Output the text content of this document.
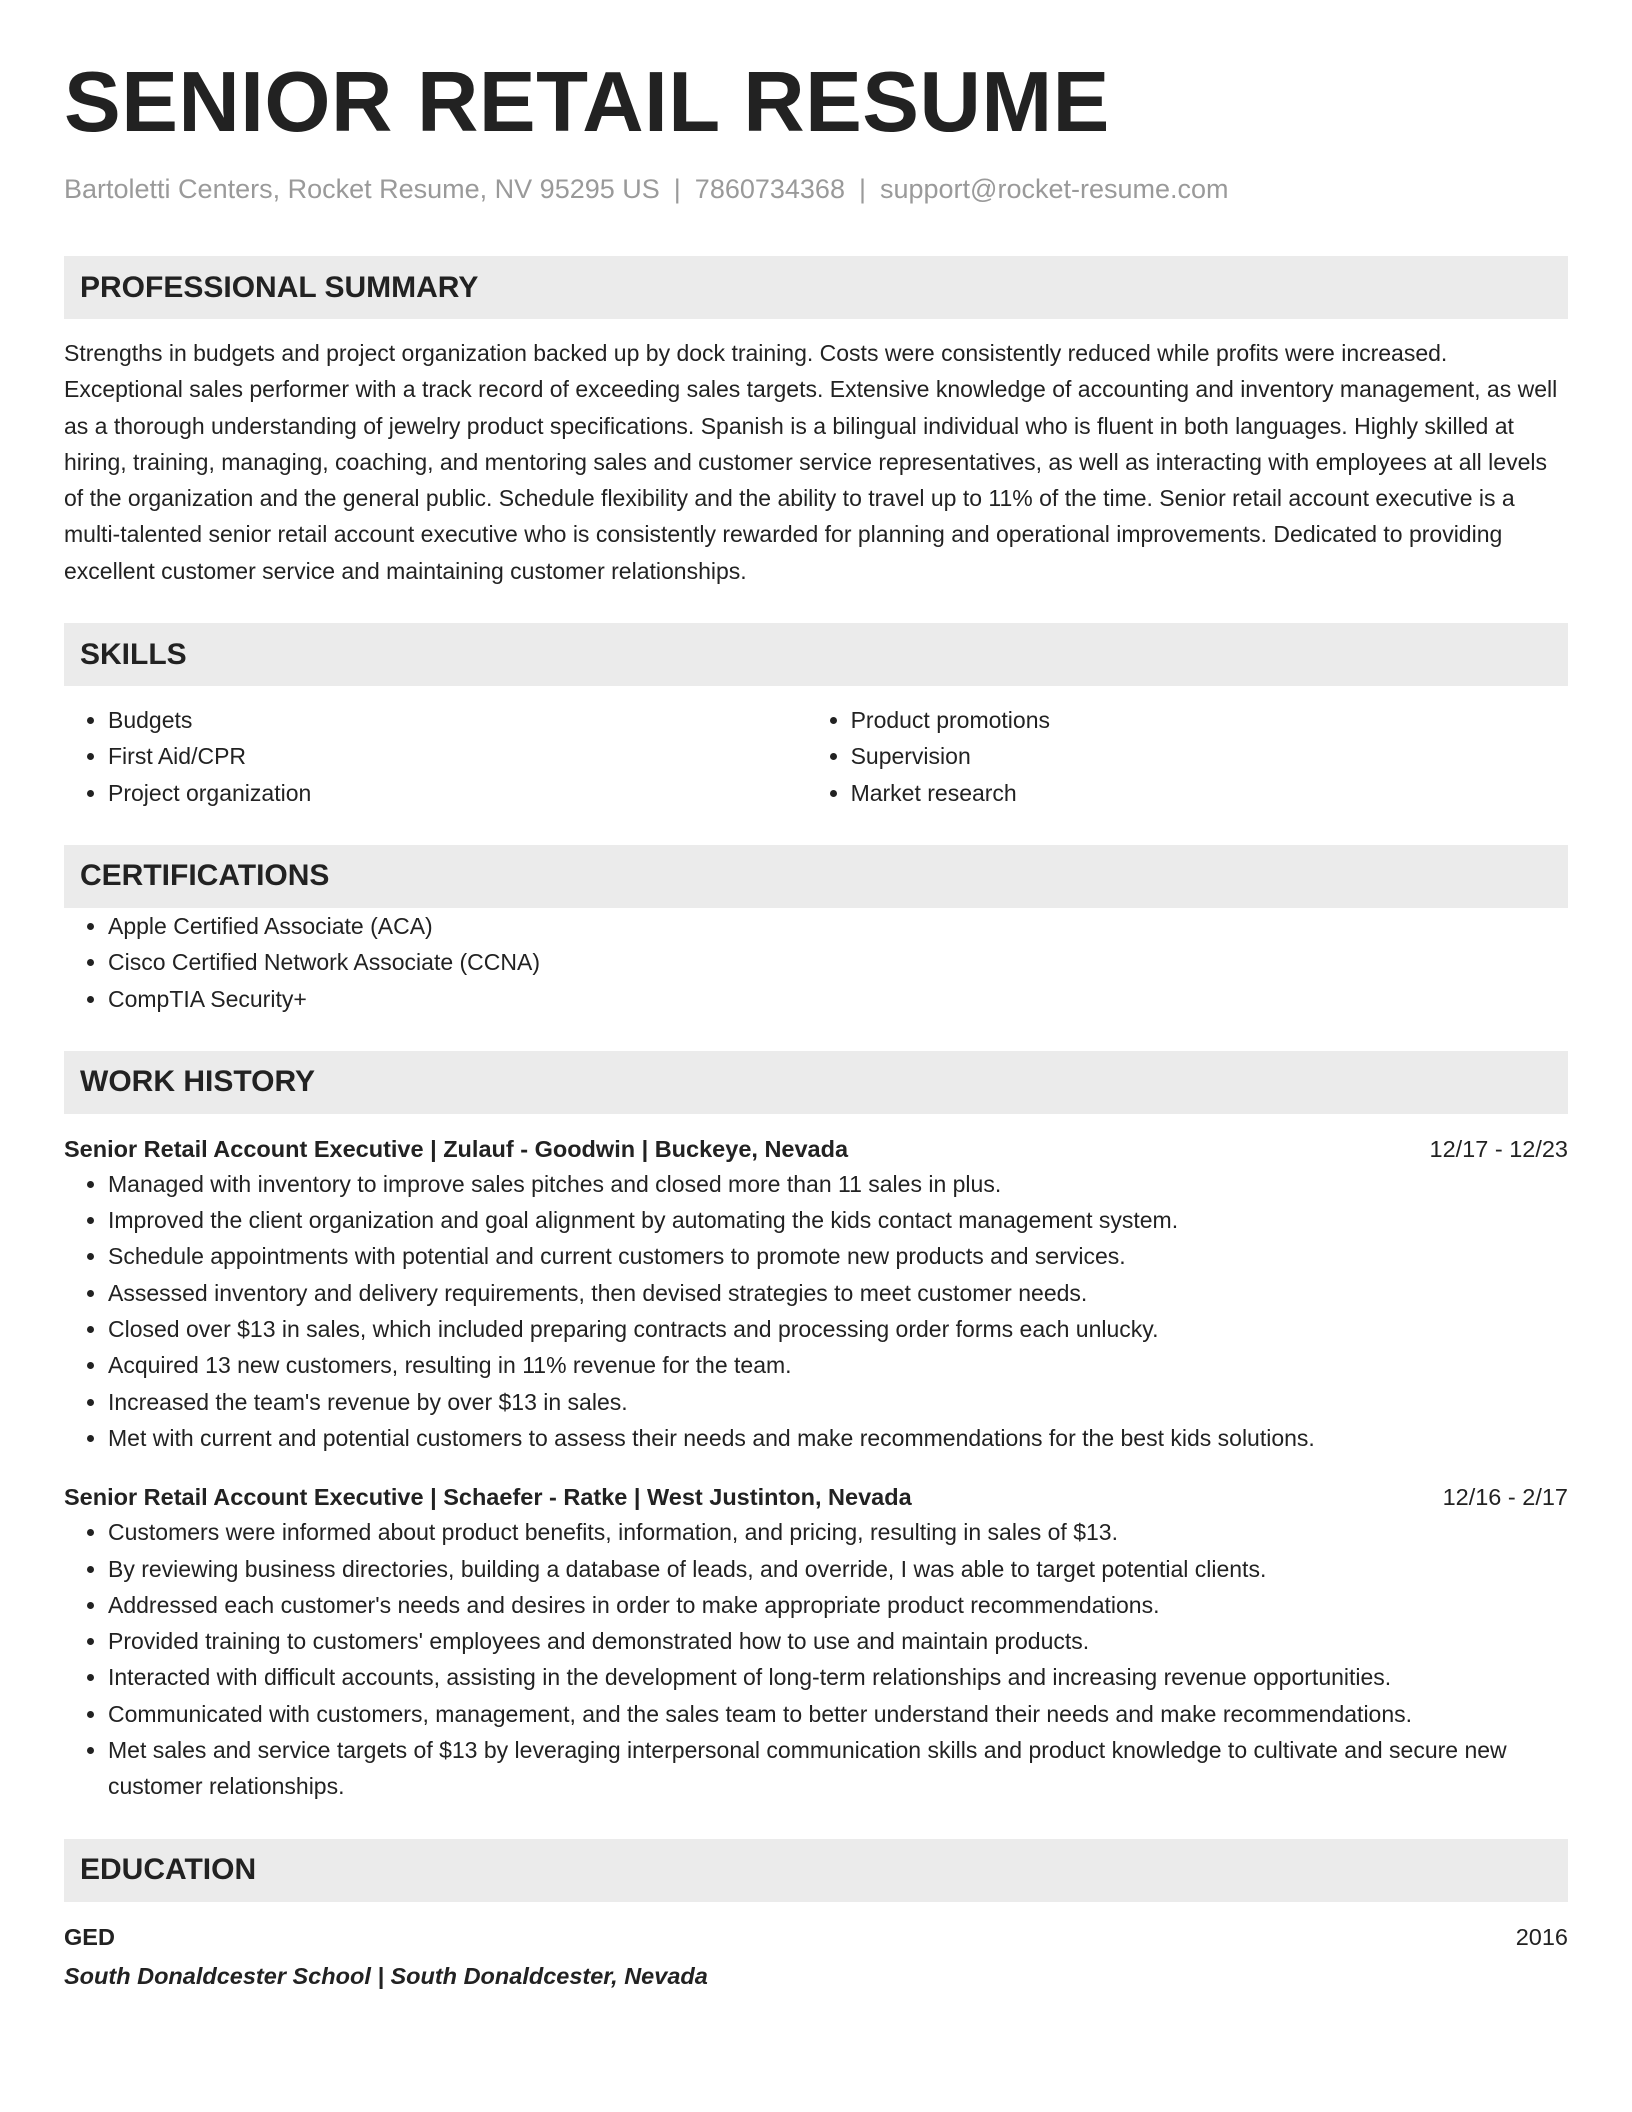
SENIOR RETAIL RESUME
Bartoletti Centers, Rocket Resume, NV 95295 US | 7860734368 | support@rocket-resume.com
PROFESSIONAL SUMMARY
Strengths in budgets and project organization backed up by dock training. Costs were consistently reduced while profits were increased. Exceptional sales performer with a track record of exceeding sales targets. Extensive knowledge of accounting and inventory management, as well as a thorough understanding of jewelry product specifications. Spanish is a bilingual individual who is fluent in both languages. Highly skilled at hiring, training, managing, coaching, and mentoring sales and customer service representatives, as well as interacting with employees at all levels of the organization and the general public. Schedule flexibility and the ability to travel up to 11% of the time. Senior retail account executive is a multi-talented senior retail account executive who is consistently rewarded for planning and operational improvements. Dedicated to providing excellent customer service and maintaining customer relationships.
SKILLS
• Budgets
• First Aid/CPR
• Project organization
• Product promotions
• Supervision
• Market research
CERTIFICATIONS
• Apple Certified Associate (ACA)
• Cisco Certified Network Associate (CCNA)
• CompTIA Security+
WORK HISTORY
Senior Retail Account Executive | Zulauf - Goodwin | Buckeye, Nevada	12/17 - 12/23
• Managed with inventory to improve sales pitches and closed more than 11 sales in plus.
• Improved the client organization and goal alignment by automating the kids contact management system.
• Schedule appointments with potential and current customers to promote new products and services.
• Assessed inventory and delivery requirements, then devised strategies to meet customer needs.
• Closed over $13 in sales, which included preparing contracts and processing order forms each unlucky.
• Acquired 13 new customers, resulting in 11% revenue for the team.
• Increased the team's revenue by over $13 in sales.
• Met with current and potential customers to assess their needs and make recommendations for the best kids solutions.
Senior Retail Account Executive | Schaefer - Ratke | West Justinton, Nevada	12/16 - 2/17
• Customers were informed about product benefits, information, and pricing, resulting in sales of $13.
• By reviewing business directories, building a database of leads, and override, I was able to target potential clients.
• Addressed each customer's needs and desires in order to make appropriate product recommendations.
• Provided training to customers' employees and demonstrated how to use and maintain products.
• Interacted with difficult accounts, assisting in the development of long-term relationships and increasing revenue opportunities.
• Communicated with customers, management, and the sales team to better understand their needs and make recommendations.
• Met sales and service targets of $13 by leveraging interpersonal communication skills and product knowledge to cultivate and secure new customer relationships.
EDUCATION
GED	2016
South Donaldcester School | South Donaldcester, Nevada
